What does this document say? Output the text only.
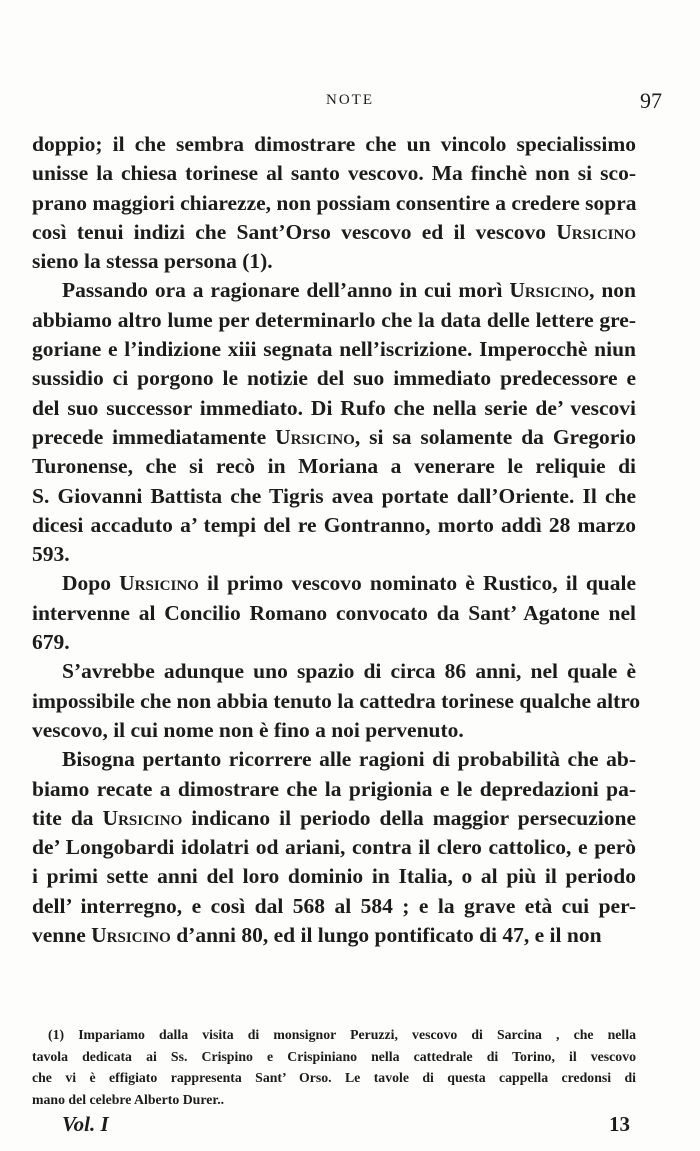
NOTE	97
doppio; il che sembra dimostrare che un vincolo specialissimo
unisse la chiesa torinese al santo vescovo. Ma finchè non si sco-
prano maggiori chiarezze, non possiam consentire a credere sopra
così tenui indizi che Sant’Orso vescovo ed il vescovo Ursicino
sieno la stessa persona (1).
Passando ora a ragionare dell’anno in cui morì Ursicino, non
abbiamo altro lume per determinarlo che la data delle lettere gre-
goriane e l’indizione xiii segnata nell’iscrizione. Imperocchè niun
sussidio ci porgono le notizie del suo immediato predecessore e
del suo successor immediato. Di Rufo che nella serie de’ vescovi
precede immediatamente Ursicino, si sa solamente da Gregorio
Turonense, che si recò in Moriana a venerare le reliquie di
S. Giovanni Battista che Tigris avea portate dall’Oriente. Il che
dicesi accaduto a’ tempi del re Gontranno, morto addì 28 marzo
593.
Dopo Ursicino il primo vescovo nominato è Rustico, il quale
intervenne al Concilio Romano convocato da Sant’ Agatone nel
679.
S’avrebbe adunque uno spazio di circa 86 anni, nel quale è
impossibile che non abbia tenuto la cattedra torinese qualche altro
vescovo, il cui nome non è fino a noi pervenuto.
Bisogna pertanto ricorrere alle ragioni di probabilità che ab-
biamo recate a dimostrare che la prigionia e le depredazioni pa-
tite da Ursicino indicano il periodo della maggior persecuzione
de’ Longobardi idolatri od ariani, contra il clero cattolico, e però
i primi sette anni del loro dominio in Italia, o al più il periodo
dell’ interregno, e così dal 568 al 584 ; e la grave età cui per-
venne Ursicino d’anni 80, ed il lungo pontificato di 47, e il non
(1) Impariamo dalla visita di monsignor Peruzzi, vescovo di Sarcina , che nella
tavola dedicata ai Ss. Crispino e Crispiniano nella cattedrale di Torino, il vescovo
che vi è effigiato rappresenta Sant’ Orso. Le tavole di questa cappella credonsi di
mano del celebre Alberto Durer..
Vol. I	13
